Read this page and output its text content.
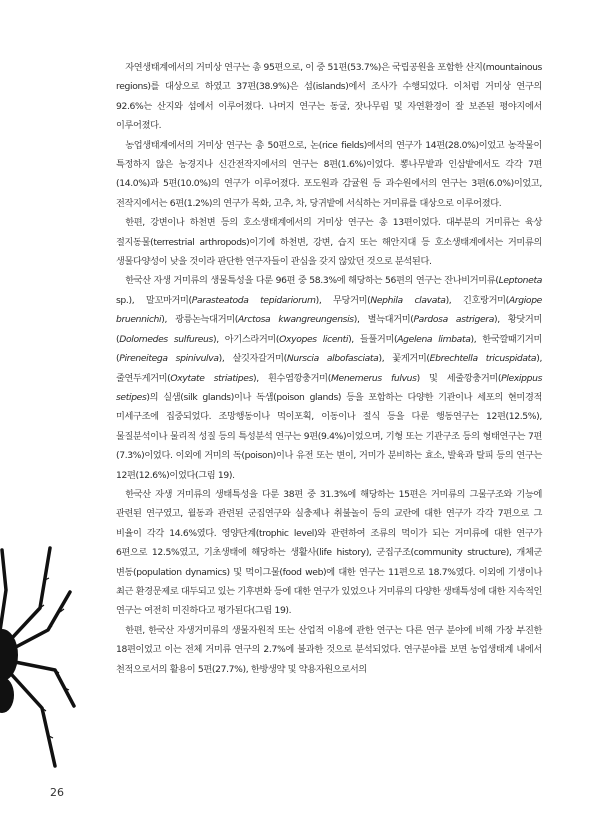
자연생태계에서의 거미상 연구는 총 95편으로, 이 중 51편(53.7%)은 국립공원을 포함한 산지(mountainous regions)를 대상으로 하였고 37편(38.9%)은 섬(islands)에서 조사가 수행되었다. 이처럼 거미상 연구의 92.6%는 산지와 섬에서 이루어졌다. 나머지 연구는 동굴, 잣나무림 및 자연환경이 잘 보존된 평야지에서 이루어졌다.

농업생태계에서의 거미상 연구는 총 50편으로, 논(rice fields)에서의 연구가 14편(28.0%)이었고 농작물이 특정하지 않은 농경지나 신간전작지에서의 연구는 8편(1.6%)이었다. 뽕나무밭과 인삼밭에서도 각각 7편(14.0%)과 5편(10.0%)의 연구가 이루어졌다. 포도원과 감귤원 등 과수원에서의 연구는 3편(6.0%)이었고, 전작지에서는 6편(1.2%)의 연구가 목화, 고추, 차, 당귀밭에 서식하는 거미류를 대상으로 이루어졌다.

한편, 강변이나 하천변 등의 호소생태계에서의 거미상 연구는 총 13편이었다. 대부분의 거미류는 육상 절지동물(terrestrial arthropods)이기에 하천변, 강변, 습지 또는 해안지대 등 호소생태계에서는 거미류의 생물다양성이 낮을 것이라 판단한 연구자들이 관심을 갖지 않았던 것으로 분석된다.

한국산 자생 거미류의 생물특성을 다룬 96편 중 58.3%에 해당하는 56편의 연구는 잔나비거미류(Leptoneta sp.), 말꼬마거미(Parasteatoda tepidariorum), 무당거미(Nephila clavata), 긴호랑거미(Argiope bruennichi), 광릉논늑대거미(Arctosa kwangreungensis), 별늑대거미(Pardosa astrigera), 황닷거미(Dolomedes sulfureus), 아기스라거미(Oxyopes licenti), 들풀거미(Agelena limbata), 한국깔때기거미(Pireneitega spinivulva), 살깃자갈거미(Nurscia albofasciata), 꽃게거미(Ebrechtella tricuspidata), 줄연두게거미(Oxytate striatipes), 흰수염깡충거미(Menemerus fulvus) 및 세줄깡충거미(Plexippus setipes)의 실샘(silk glands)이나 독샘(poison glands) 등을 포함하는 다양한 기관이나 세포의 현미경적 미세구조에 집중되었다. 조망행동이나 먹이포획, 이동이나 절식 등을 다룬 행동연구는 12편(12.5%), 물질분석이나 물리적 성질 등의 특성분석 연구는 9편(9.4%)이었으며, 기형 또는 기관구조 등의 형태연구는 7편(7.3%)이었다. 이외에 거미의 독(poison)이나 유전 또는 변이, 거미가 분비하는 효소, 발육과 탈피 등의 연구는 12편(12.6%)이었다(그림 19).

한국산 자생 거미류의 생태특성을 다룬 38편 중 31.3%에 해당하는 15편은 거미류의 그물구조와 기능에 관련된 연구였고, 월동과 관련된 군집연구와 실충제나 취불놀이 등의 교란에 대한 연구가 각각 7편으로 그 비율이 각각 14.6%였다. 영양단계(trophic level)와 관련하여 조류의 먹이가 되는 거미류에 대한 연구가 6편으로 12.5%였고, 기초생태에 해당하는 생활사(life history), 군집구조(community structure), 개체군 변동(population dynamics) 및 먹이그물(food web)에 대한 연구는 11편으로 18.7%였다. 이외에 기생이나 최근 환경문제로 대두되고 있는 기후변화 등에 대한 연구가 있었으나 거미류의 다양한 생태특성에 대한 지속적인 연구는 여전히 미진하다고 평가된다(그림 19).

한편, 한국산 자생거미류의 생물자원적 또는 산업적 이용에 관한 연구는 다른 연구 분야에 비해 가장 부진한 18편이었고 이는 전체 거미류 연구의 2.7%에 불과한 것으로 분석되었다. 연구분야를 보면 농업생태계 내에서 천적으로서의 활용이 5편(27.7%), 한방생약 및 약용자원으로서의

26
